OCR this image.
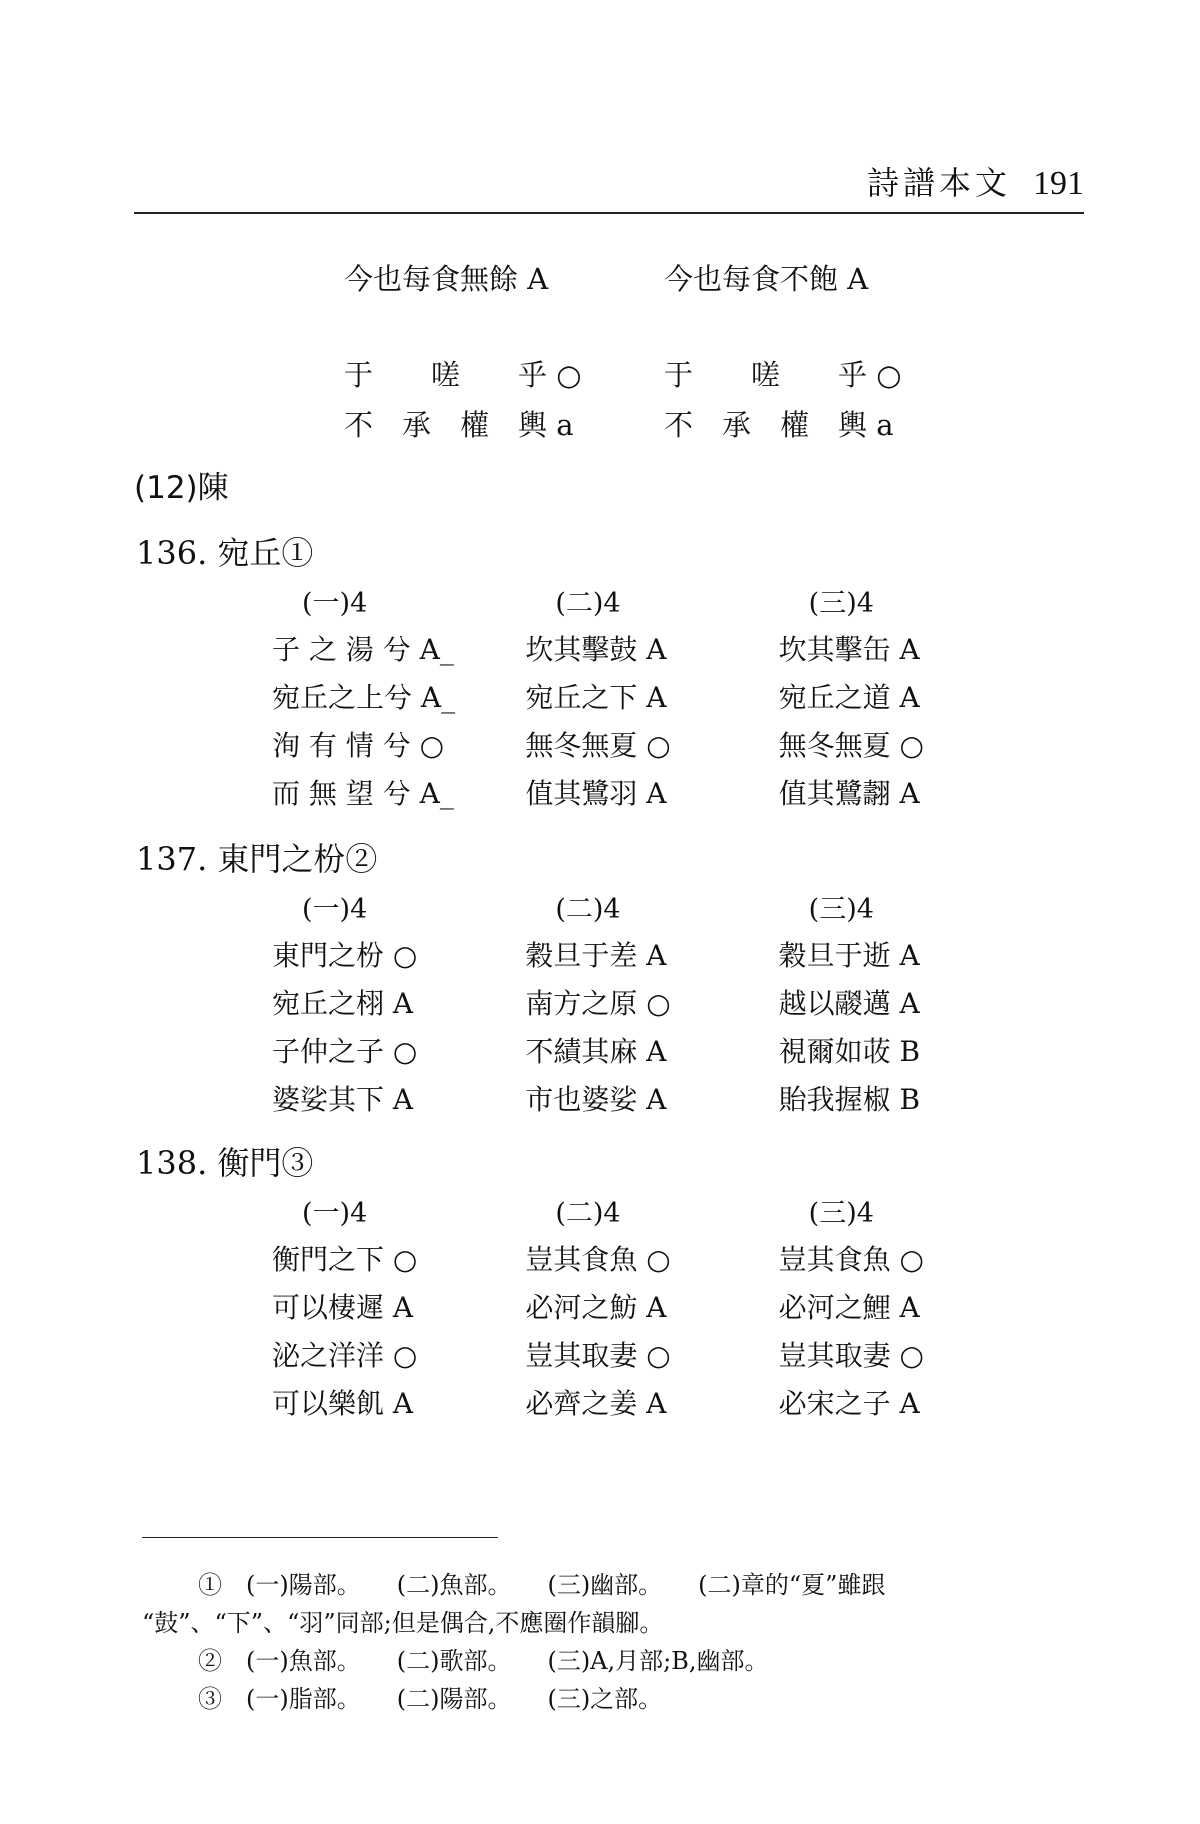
詩譜本文 191
今也每食無餘 A	今也每食不飽 A
于　　嗟　　乎 ○	于　　嗟　　乎 ○
不　承　權　輿 a	不　承　權　輿 a
(12)陳
136. 宛丘①
(一)4	(二)4	(三)4
子 之 湯 兮 A_	坎其擊鼓 A	坎其擊缶 A
宛丘之上兮 A_	宛丘之下 A	宛丘之道 A
洵 有 情 兮 ○	無冬無夏 ○	無冬無夏 ○
而 無 望 兮 A_	值其鷺羽 A	值其鷺翿 A
137. 東門之枌②
(一)4	(二)4	(三)4
東門之枌 ○	穀旦于差 A	穀旦于逝 A
宛丘之栩 A	南方之原 ○	越以鬷邁 A
子仲之子 ○	不績其麻 A	視爾如荍 B
婆娑其下 A	市也婆娑 A	貽我握椒 B
138. 衡門③
(一)4	(二)4	(三)4
衡門之下 ○	豈其食魚 ○	豈其食魚 ○
可以棲遲 A	必河之魴 A	必河之鯉 A
泌之洋洋 ○	豈其取妻 ○	豈其取妻 ○
可以樂飢 A	必齊之姜 A	必宋之子 A
①　(一)陽部。　　(二)魚部。　　(三)幽部。　　(二)章的“夏”雖跟
“鼓”、“下”、“羽”同部;但是偶合,不應圈作韻腳。
②　(一)魚部。　　(二)歌部。　　(三)A,月部;B,幽部。
③　(一)脂部。　　(二)陽部。　　(三)之部。
